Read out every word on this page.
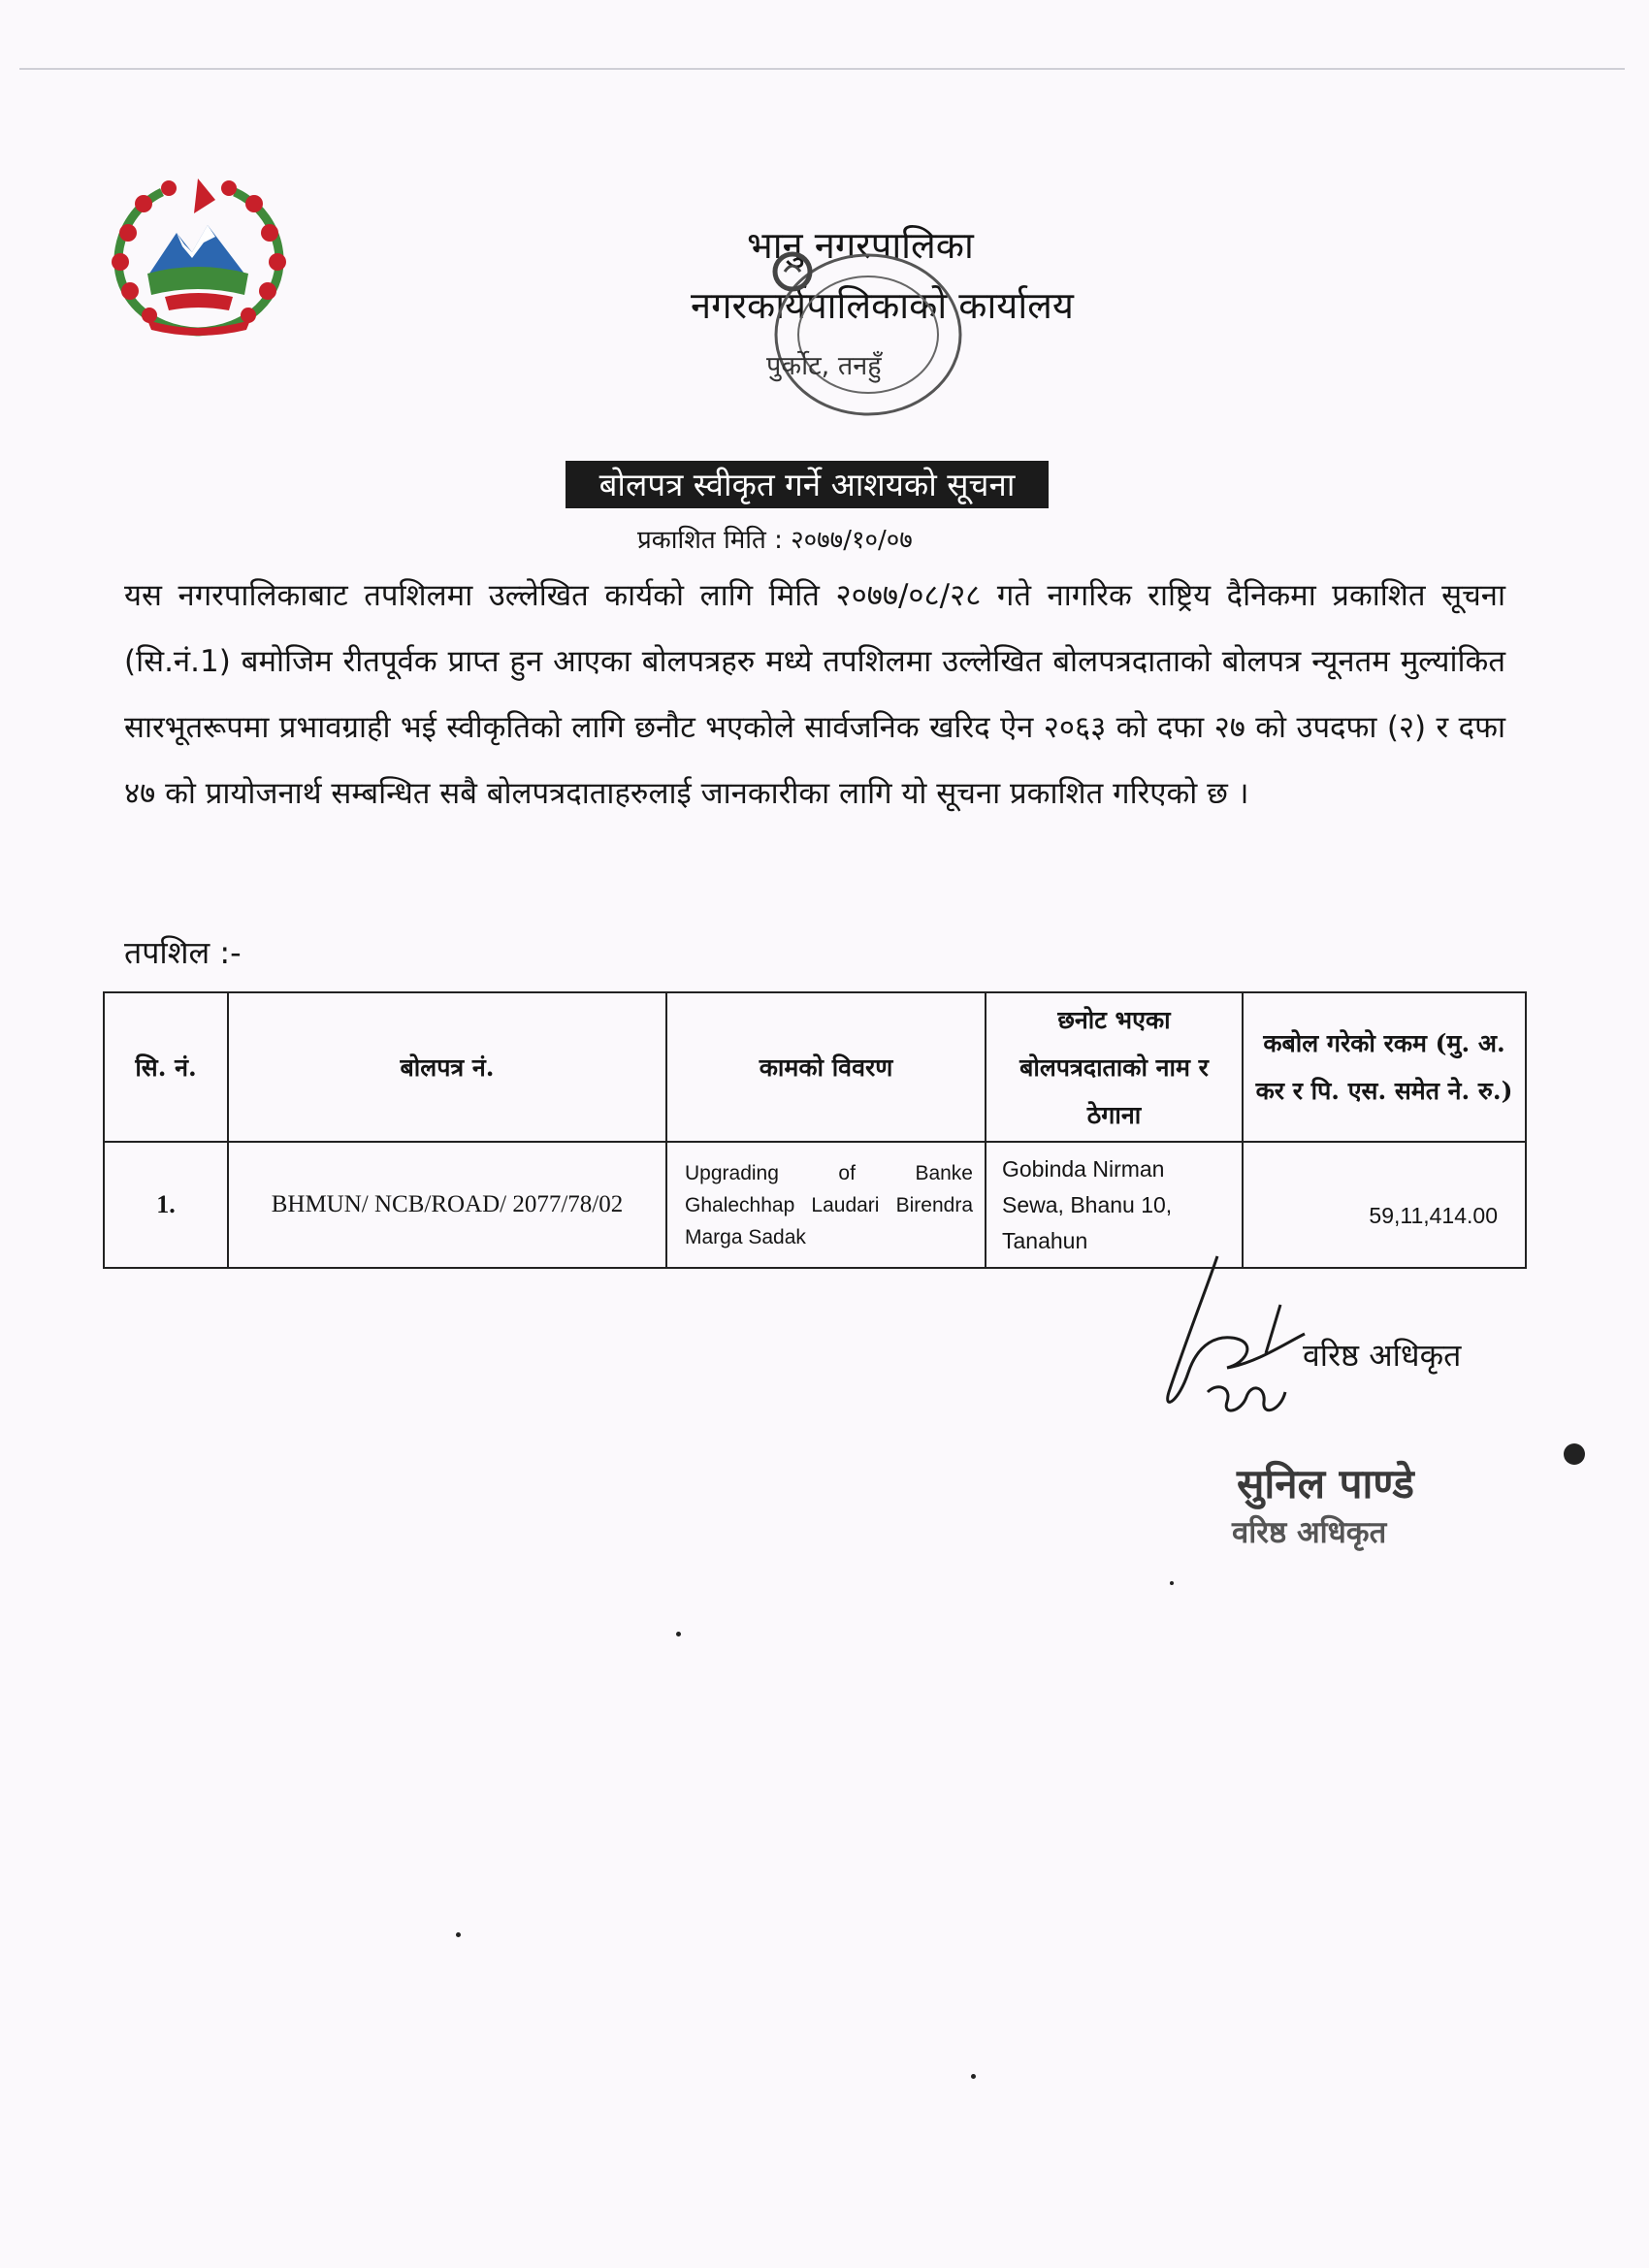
भानु नगरपालिका
नगरकार्यपालिकाको कार्यालय
पुर्कोट, तनहुँ
बोलपत्र स्वीकृत गर्ने आशयको सूचना
प्रकाशित मिति : २०७७/१०/०७
यस नगरपालिकाबाट तपशिलमा उल्लेखित कार्यको लागि मिति २०७७/०८/२८ गते नागरिक राष्ट्रिय दैनिकमा प्रकाशित सूचना (सि.नं.1) बमोजिम रीतपूर्वक प्राप्त हुन आएका बोलपत्रहरु मध्ये तपशिलमा उल्लेखित बोलपत्रदाताको बोलपत्र न्यूनतम मुल्यांकित सारभूतरूपमा प्रभावग्राही भई स्वीकृतिको लागि छनौट भएकोले सार्वजनिक खरिद ऐन २०६३ को दफा २७ को उपदफा (२) र दफा ४७ को प्रायोजनार्थ सम्बन्धित सबै बोलपत्रदाताहरुलाई जानकारीका लागि यो सूचना प्रकाशित गरिएको छ ।
तपशिल :-
सि. नं.	बोलपत्र नं.	कामको विवरण	छनोट भएका बोलपत्रदाताको नाम र ठेगाना	कबोल गरेको रकम (मु. अ. कर र पि. एस. समेत ने. रु.)
1.	BHMUN/ NCB/ROAD/ 2077/78/02	Upgrading of Banke Ghalechhap Laudari Birendra Marga Sadak	Gobinda Nirman Sewa, Bhanu 10, Tanahun	59,11,414.00
वरिष्ठ अधिकृत
सुनिल पाण्डे
वरिष्ठ अधिकृत
